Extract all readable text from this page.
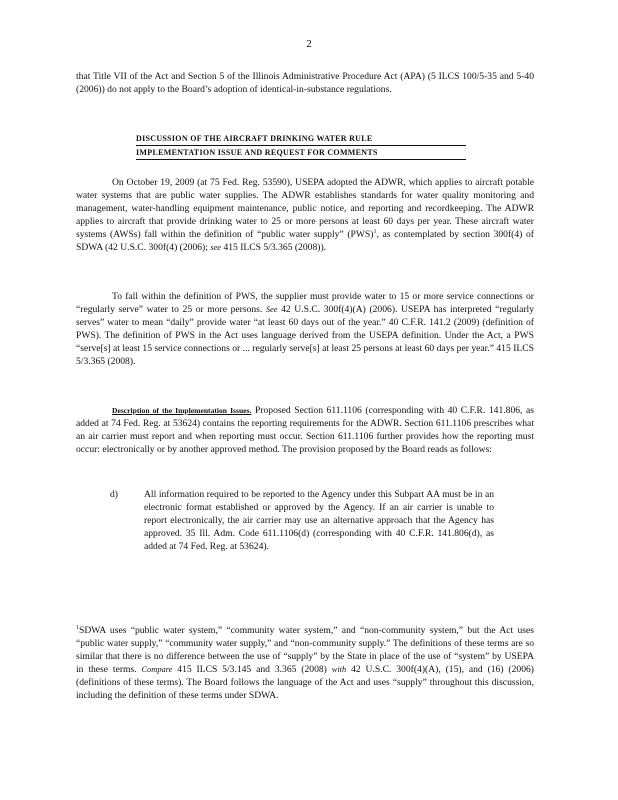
2

that Title VII of the Act and Section 5 of the Illinois Administrative Procedure Act (APA) (5 ILCS 100/5-35 and 5-40 (2006)) do not apply to the Board’s adoption of identical-in-substance regulations.

DISCUSSION OF THE AIRCRAFT DRINKING WATER RULE
IMPLEMENTATION ISSUE AND REQUEST FOR COMMENTS

On October 19, 2009 (at 75 Fed. Reg. 53590), USEPA adopted the ADWR, which applies to aircraft potable water systems that are public water supplies. The ADWR establishes standards for water quality monitoring and management, water-handling equipment maintenance, public notice, and reporting and recordkeeping. The ADWR applies to aircraft that provide drinking water to 25 or more persons at least 60 days per year. These aircraft water systems (AWSs) fall within the definition of “public water supply” (PWS)$^1$, as contemplated by section 300f(4) of SDWA (42 U.S.C. 300f(4) (2006); see 415 ILCS 5/3.365 (2008)).

To fall within the definition of PWS, the supplier must provide water to 15 or more service connections or “regularly serve” water to 25 or more persons. See 42 U.S.C. 300f(4)(A) (2006). USEPA has interpreted “regularly serves” water to mean “daily” provide water “at least 60 days out of the year.” 40 C.F.R. 141.2 (2009) (definition of PWS). The definition of PWS in the Act uses language derived from the USEPA definition. Under the Act, a PWS “serve[s] at least 15 service connections or ... regularly serve[s] at least 25 persons at least 60 days per year.” 415 ILCS 5/3.365 (2008).

Description of the Implementation Issues. Proposed Section 611.1106 (corresponding with 40 C.F.R. 141.806, as added at 74 Fed. Reg. at 53624) contains the reporting requirements for the ADWR. Section 611.1106 prescribes what an air carrier must report and when reporting must occur. Section 611.1106 further provides how the reporting must occur: electronically or by another approved method. The provision proposed by the Board reads as follows:

d)	All information required to be reported to the Agency under this Subpart AA must be in an electronic format established or approved by the Agency. If an air carrier is unable to report electronically, the air carrier may use an alternative approach that the Agency has approved. 35 Ill. Adm. Code 611.1106(d) (corresponding with 40 C.F.R. 141.806(d), as added at 74 Fed. Reg. at 53624).

$^1$SDWA uses “public water system,” “community water system,” and “non-community system,” but the Act uses “public water supply,” “community water supply,” and “non-community supply.” The definitions of these terms are so similar that there is no difference between the use of “supply” by the State in place of the use of “system” by USEPA in these terms. Compare 415 ILCS 5/3.145 and 3.365 (2008) with 42 U.S.C. 300f(4)(A), (15), and (16) (2006) (definitions of these terms). The Board follows the language of the Act and uses “supply” throughout this discussion, including the definition of these terms under SDWA.
